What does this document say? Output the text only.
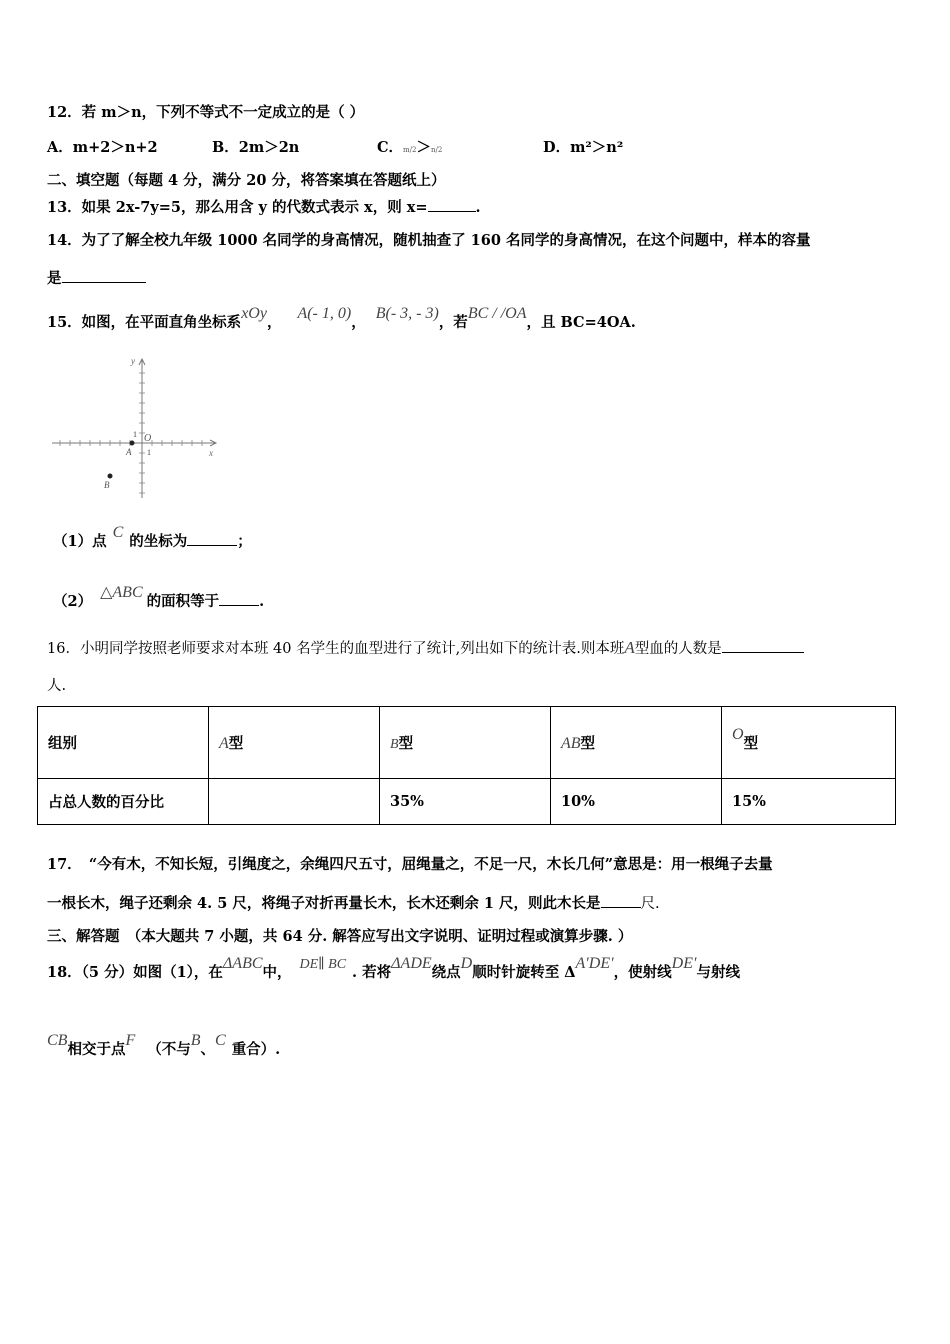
12．若 m＞n，下列不等式不一定成立的是（ ）
A．m+2＞n+2	B．2m＞2n	C．m/2＞n/2	D．m²＞n²
二、填空题（每题 4 分，满分 20 分，将答案填在答题纸上）
13．如果 2x-7y=5，那么用含 y 的代数式表示 x，则 x=	.
14．为了了解全校九年级 1000 名同学的身高情况，随机抽查了 160 名同学的身高情况，在这个问题中，样本的容量
是
15．如图，在平面直角坐标系xOy，A(- 1, 0)，B(- 3, - 3)，若BC / /OA，且 BC=4OA.
y
x
O
1
1
A
B
（1）点C的坐标为	；
（2）△ABC的面积等于	.
16．小明同学按照老师要求对本班 40 名学生的血型进行了统计,列出如下的统计表.则本班A型血的人数是
人.
组别	A型	B型	AB型	O型
占总人数的百分比		35%	10%	15%
17．　“今有木，不知长短，引绳度之，余绳四尺五寸，屈绳量之，不足一尺，木长几何”意思是：用一根绳子去量
一根长木，绳子还剩余 4. 5 尺，将绳子对折再量长木，长木还剩余 1 尺，则此木长是	尺.
三、解答题　（本大题共 7 小题，共 64 分. 解答应写出文字说明、证明过程或演算步骤. ）
18．（5 分）如图（1），在ΔABC中， DE∥ BC . 若将ΔADE绕点D顺时针旋转至 ΔA′DE′，使射线DE′与射线
CB相交于点F（不与B、C重合）.
